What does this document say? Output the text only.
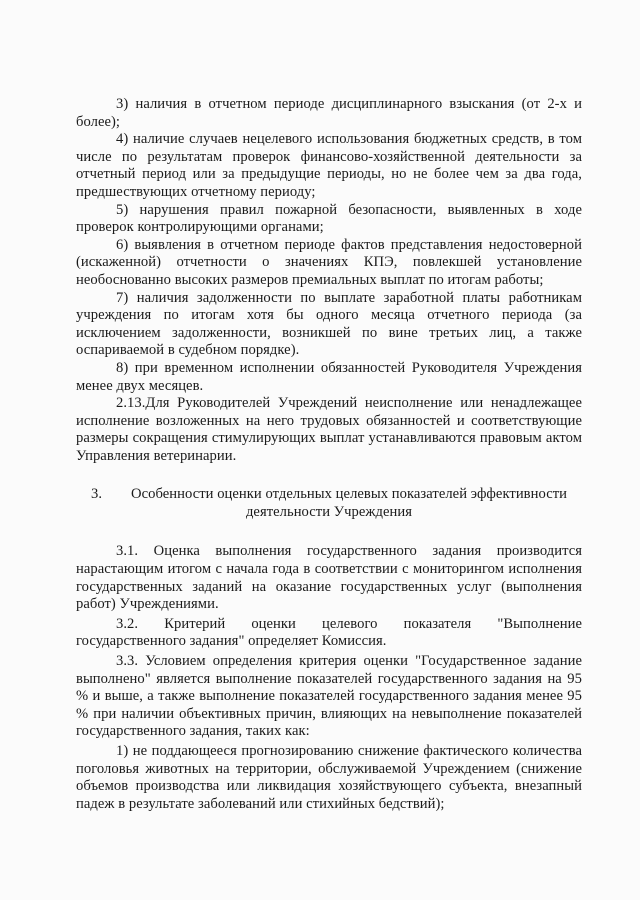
3) наличия в отчетном периоде дисциплинарного взыскания (от 2-х и более);

4) наличие случаев нецелевого использования бюджетных средств, в том числе по результатам проверок финансово-хозяйственной деятельности за отчетный период или за предыдущие периоды, но не более чем за два года, предшествующих отчетному периоду;

5) нарушения правил пожарной безопасности, выявленных в ходе проверок контролирующими органами;

6) выявления в отчетном периоде фактов представления недостоверной (искаженной) отчетности о значениях КПЭ, повлекшей установление необоснованно высоких размеров премиальных выплат по итогам работы;

7) наличия задолженности по выплате заработной платы работникам учреждения по итогам хотя бы одного месяца отчетного периода (за исключением задолженности, возникшей по вине третьих лиц, а также оспариваемой в судебном порядке).

8) при временном исполнении обязанностей Руководителя Учреждения менее двух месяцев.

2.13.Для Руководителей Учреждений неисполнение или ненадлежащее исполнение возложенных на него трудовых обязанностей и соответствующие размеры сокращения стимулирующих выплат устанавливаются правовым актом Управления ветеринарии.

3. Особенности оценки отдельных целевых показателей эффективности деятельности Учреждения

3.1. Оценка выполнения государственного задания производится нарастающим итогом с начала года в соответствии с мониторингом исполнения государственных заданий на оказание государственных услуг (выполнения работ) Учреждениями.

3.2. Критерий оценки целевого показателя "Выполнение государственного задания" определяет Комиссия.

3.3. Условием определения критерия оценки "Государственное задание выполнено" является выполнение показателей государственного задания на 95 % и выше, а также выполнение показателей государственного задания менее 95 % при наличии объективных причин, влияющих на невыполнение показателей государственного задания, таких как:

1) не поддающееся прогнозированию снижение фактического количества поголовья животных на территории, обслуживаемой Учреждением (снижение объемов производства или ликвидация хозяйствующего субъекта, внезапный падеж в результате заболеваний или стихийных бедствий);
